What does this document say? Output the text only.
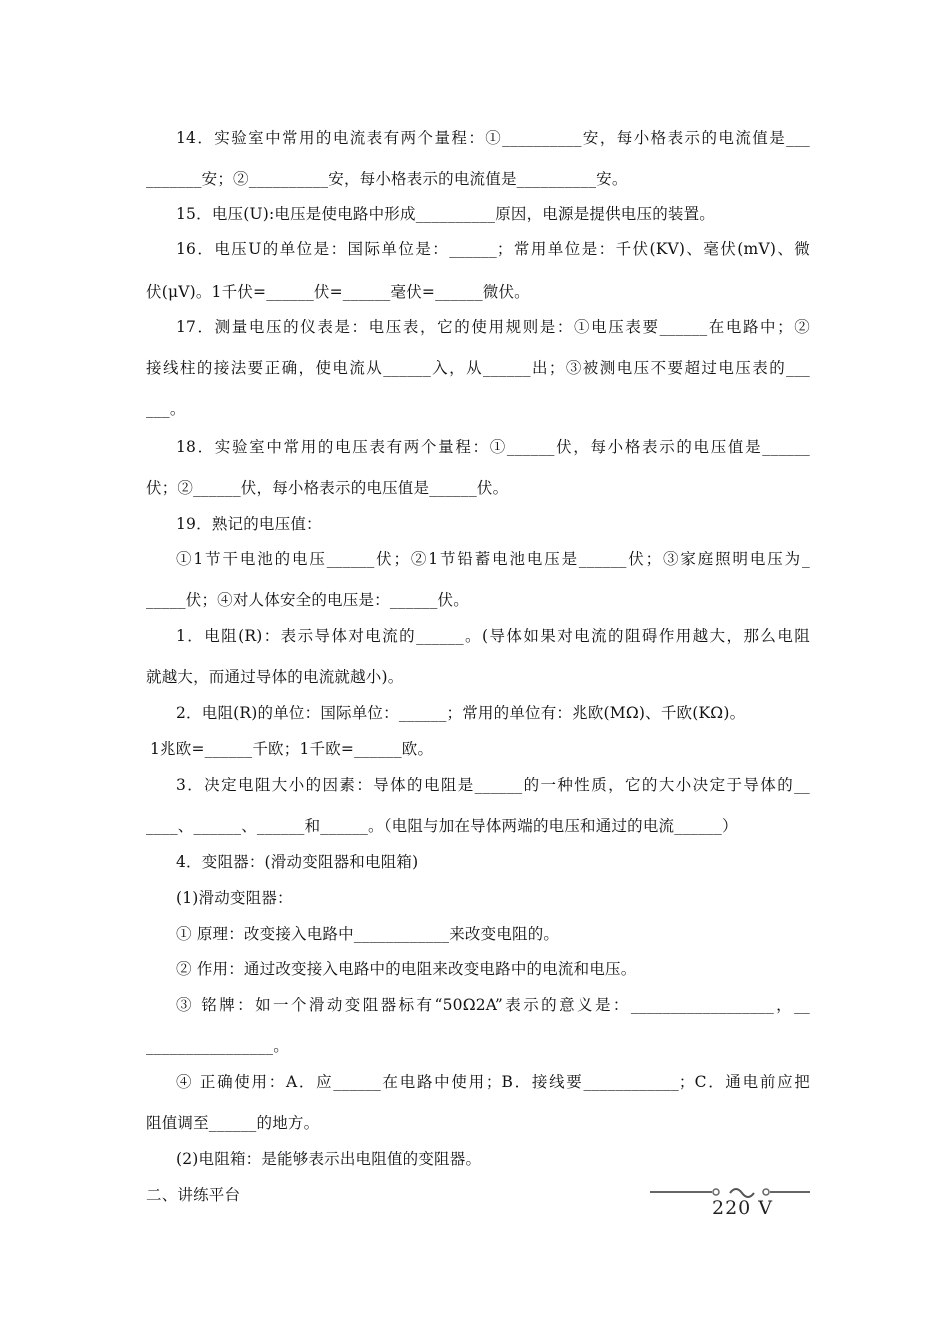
14．实验室中常用的电流表有两个量程：①__________安，每小格表示的电流值是___
_______安；②__________安，每小格表示的电流值是__________安。
15．电压(U):电压是使电路中形成__________原因，电源是提供电压的装置。
16．电压U的单位是：国际单位是：______；常用单位是：千伏(KV)、毫伏(mV)、微
伏(μV)。1千伏=______伏=______毫伏=______微伏。
17．测量电压的仪表是：电压表，它的使用规则是：①电压表要______在电路中；②
接线柱的接法要正确，使电流从______入，从______出；③被测电压不要超过电压表的___
___。
18．实验室中常用的电压表有两个量程：①______伏，每小格表示的电压值是______
伏；②______伏，每小格表示的电压值是______伏。
19．熟记的电压值：
①1节干电池的电压______伏；②1节铅蓄电池电压是______伏；③家庭照明电压为_
_____伏；④对人体安全的电压是：______伏。
1．电阻(R)：表示导体对电流的______。(导体如果对电流的阻碍作用越大，那么电阻
就越大，而通过导体的电流就越小)。
2．电阻(R)的单位：国际单位：______；常用的单位有：兆欧(MΩ)、千欧(KΩ)。
1兆欧=______千欧；1千欧=______欧。
3．决定电阻大小的因素：导体的电阻是______的一种性质，它的大小决定于导体的__
____、______、______和______。（电阻与加在导体两端的电压和通过的电流______）
4．变阻器：(滑动变阻器和电阻箱)
(1)滑动变阻器：
① 原理：改变接入电路中____________来改变电阻的。
② 作用：通过改变接入电路中的电阻来改变电路中的电流和电压。
③ 铭牌：如一个滑动变阻器标有“50Ω2A”表示的意义是：__________________，__
________________。
④ 正确使用：A．应______在电路中使用；B．接线要____________；C．通电前应把
阻值调至______的地方。
(2)电阻箱：是能够表示出电阻值的变阻器。
二、讲练平台
220 V
